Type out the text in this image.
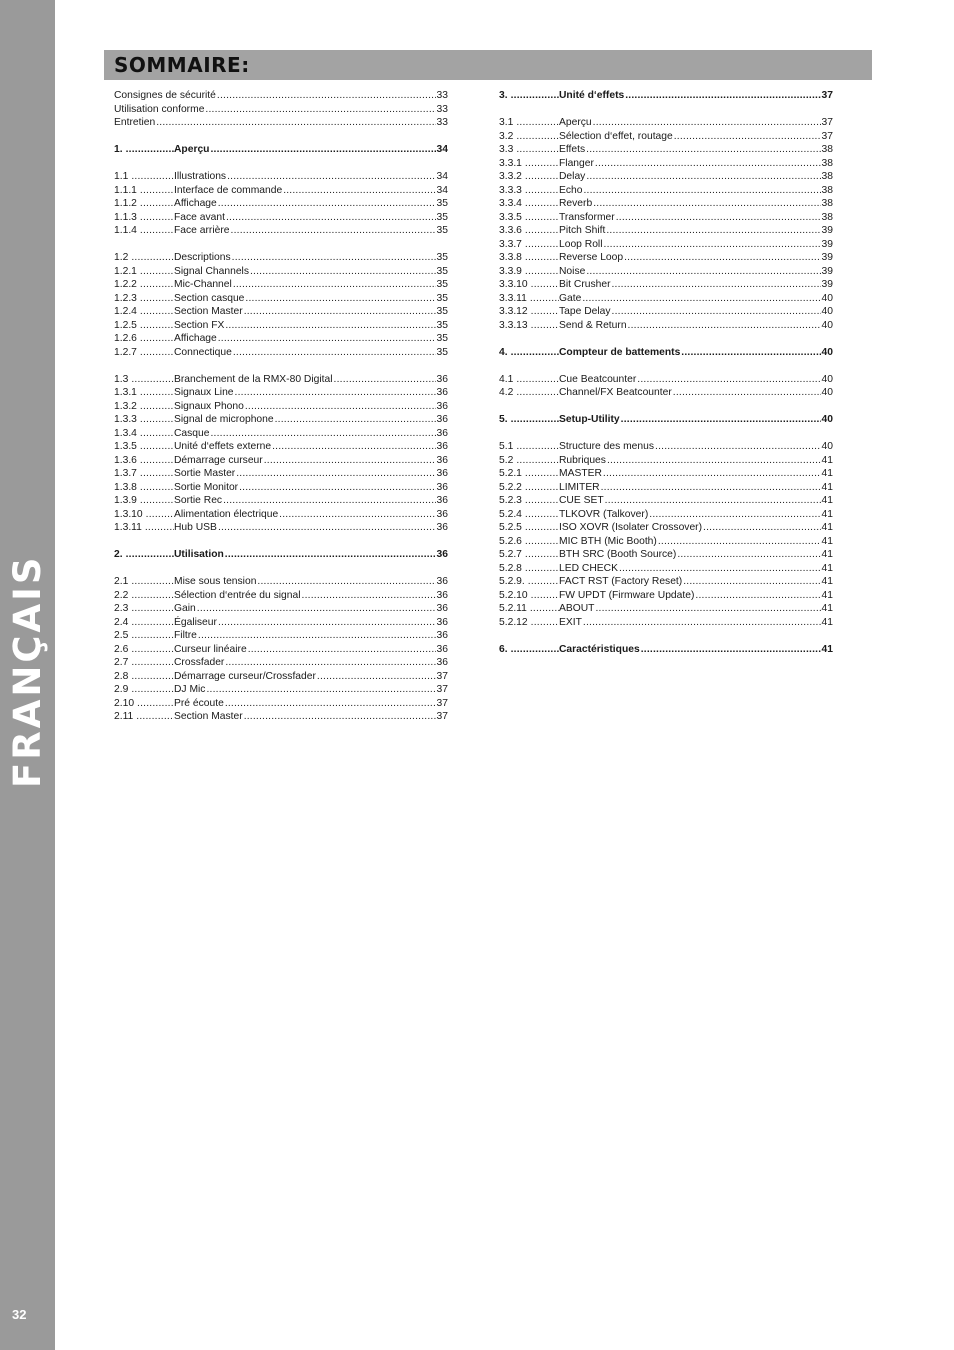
FRANÇAIS
32
SOMMAIRE:
Consignes de sécurité .....	33
Utilisation conforme .....	33
Entretien .....	33
1. .....	Aperçu .....	34
1.1 .....	Illustrations .....	34
1.1.1 .....	Interface de commande .....	34
1.1.2 .....	Affichage .....	35
1.1.3 .....	Face avant .....	35
1.1.4 .....	Face arrière .....	35
1.2 .....	Descriptions .....	35
1.2.1 .....	Signal Channels .....	35
1.2.2 .....	Mic-Channel .....	35
1.2.3 .....	Section casque .....	35
1.2.4 .....	Section Master .....	35
1.2.5 .....	Section FX .....	35
1.2.6 .....	Affichage .....	35
1.2.7 .....	Connectique .....	35
1.3 .....	Branchement de la RMX-80 Digital .....	36
1.3.1 .....	Signaux Line .....	36
1.3.2 .....	Signaux Phono .....	36
1.3.3 .....	Signal de microphone .....	36
1.3.4 .....	Casque .....	36
1.3.5 .....	Unité d‘effets externe .....	36
1.3.6 .....	Démarrage curseur .....	36
1.3.7 .....	Sortie Master .....	36
1.3.8 .....	Sortie Monitor .....	36
1.3.9 .....	Sortie Rec .....	36
1.3.10 .....	Alimentation électrique .....	36
1.3.11 .....	Hub USB .....	36
2. .....	Utilisation .....	36
2.1 .....	Mise sous tension .....	36
2.2 .....	Sélection d‘entrée du signal .....	36
2.3 .....	Gain .....	36
2.4 .....	Égaliseur .....	36
2.5 .....	Filtre .....	36
2.6 .....	Curseur linéaire .....	36
2.7 .....	Crossfader .....	36
2.8 .....	Démarrage curseur/Crossfader .....	37
2.9 .....	DJ Mic .....	37
2.10 .....	Pré écoute .....	37
2.11 .....	Section Master .....	37
3. .....	Unité d‘effets .....	37
3.1 .....	Aperçu .....	37
3.2 .....	Sélection d‘effet, routage .....	37
3.3 .....	Effets .....	38
3.3.1 .....	Flanger .....	38
3.3.2 .....	Delay .....	38
3.3.3 .....	Echo .....	38
3.3.4 .....	Reverb .....	38
3.3.5 .....	Transformer .....	38
3.3.6 .....	Pitch Shift .....	39
3.3.7 .....	Loop Roll .....	39
3.3.8 .....	Reverse Loop .....	39
3.3.9 .....	Noise .....	39
3.3.10 .....	Bit Crusher .....	39
3.3.11 .....	Gate .....	40
3.3.12 .....	Tape Delay .....	40
3.3.13 .....	Send & Return .....	40
4. .....	Compteur de battements .....	40
4.1 .....	Cue Beatcounter .....	40
4.2 .....	Channel/FX Beatcounter .....	40
5. .....	Setup-Utility .....	40
5.1 .....	Structure des menus .....	40
5.2 .....	Rubriques .....	41
5.2.1 .....	MASTER .....	41
5.2.2 .....	LIMITER .....	41
5.2.3 .....	CUE SET .....	41
5.2.4 .....	TLKOVR (Talkover) .....	41
5.2.5 .....	ISO XOVR (Isolater Crossover) .....	41
5.2.6 .....	MIC BTH (Mic Booth) .....	41
5.2.7 .....	BTH SRC (Booth Source) .....	41
5.2.8 .....	LED CHECK .....	41
5.2.9. .....	FACT RST (Factory Reset) .....	41
5.2.10 .....	FW UPDT (Firmware Update) .....	41
5.2.11 .....	ABOUT .....	41
5.2.12 .....	EXIT .....	41
6. .....	Caractéristiques .....	41
